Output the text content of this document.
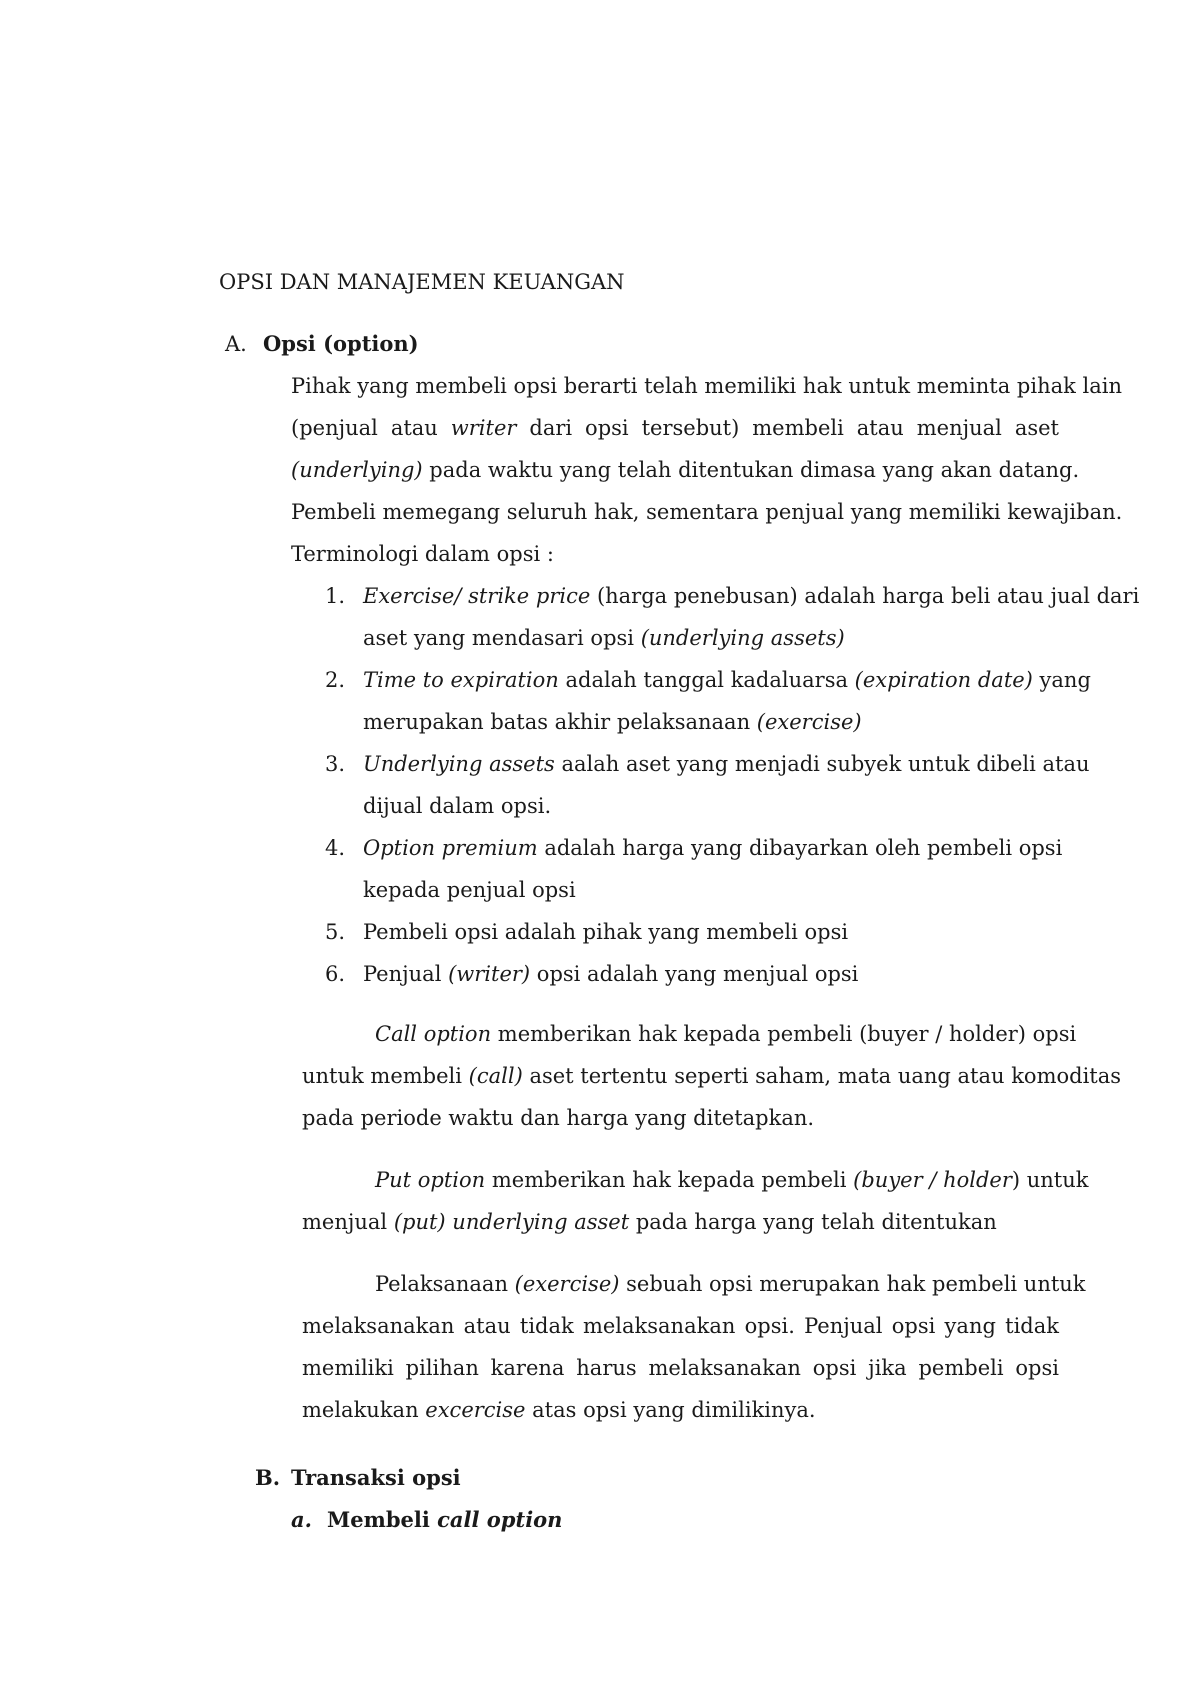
OPSI DAN MANAJEMEN KEUANGAN
A. Opsi (option)
Pihak yang membeli opsi berarti telah memiliki hak untuk meminta pihak lain
(penjual atau writer dari opsi tersebut) membeli atau menjual aset
(underlying) pada waktu yang telah ditentukan dimasa yang akan datang.
Pembeli memegang seluruh hak, sementara penjual yang memiliki kewajiban.
Terminologi dalam opsi :
1. Exercise/ strike price (harga penebusan) adalah harga beli atau jual dari
aset yang mendasari opsi (underlying assets)
2. Time to expiration adalah tanggal kadaluarsa (expiration date) yang
merupakan batas akhir pelaksanaan (exercise)
3. Underlying assets aalah aset yang menjadi subyek untuk dibeli atau
dijual dalam opsi.
4. Option premium adalah harga yang dibayarkan oleh pembeli opsi
kepada penjual opsi
5. Pembeli opsi adalah pihak yang membeli opsi
6. Penjual (writer) opsi adalah yang menjual opsi
Call option memberikan hak kepada pembeli (buyer / holder) opsi
untuk membeli (call) aset tertentu seperti saham, mata uang atau komoditas
pada periode waktu dan harga yang ditetapkan.
Put option memberikan hak kepada pembeli (buyer / holder) untuk
menjual (put) underlying asset pada harga yang telah ditentukan
Pelaksanaan (exercise) sebuah opsi merupakan hak pembeli untuk
melaksanakan atau tidak melaksanakan opsi. Penjual opsi yang tidak
memiliki pilihan karena harus melaksanakan opsi jika pembeli opsi
melakukan excercise atas opsi yang dimilikinya.
B. Transaksi opsi
a. Membeli call option
